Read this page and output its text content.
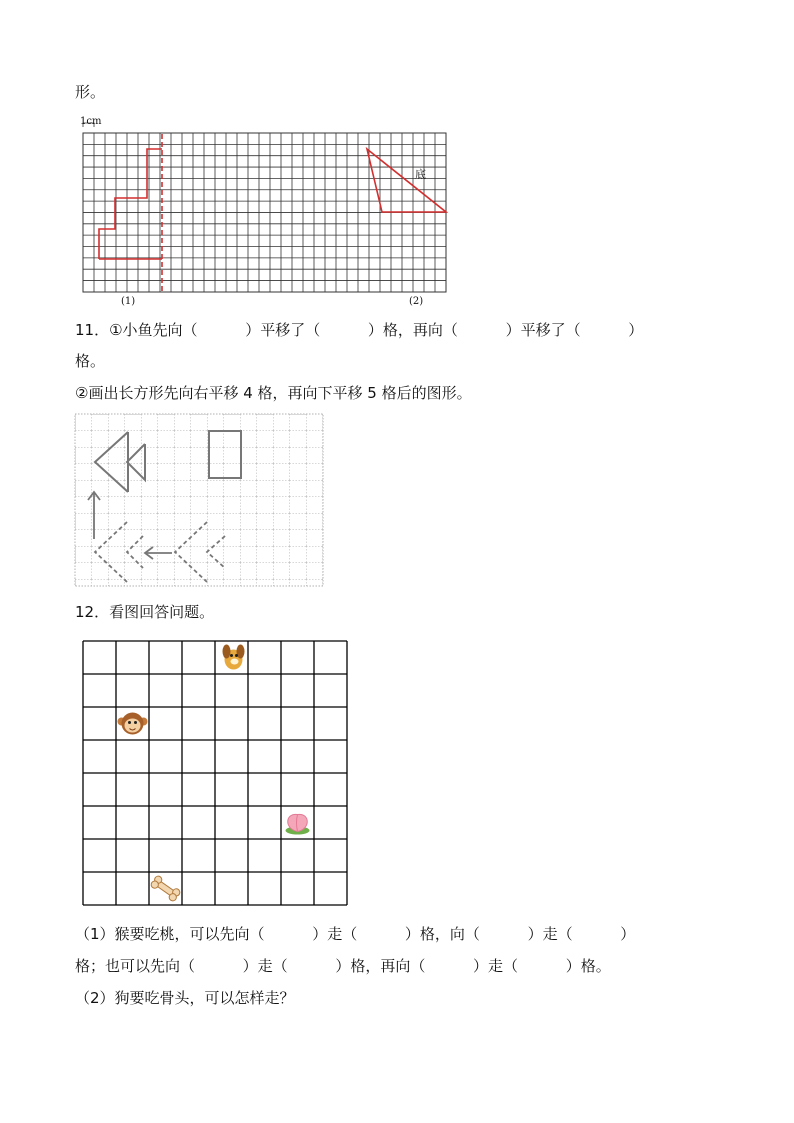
形。
1cm
底
(1)	(2)
11．①小鱼先向（          ）平移了（          ）格，再向（          ）平移了（          ）
格。
②画出长方形先向右平移 4 格，再向下平移 5 格后的图形。
12．看图回答问题。
（1）猴要吃桃，可以先向（          ）走（          ）格，向（          ）走（          ）
格；也可以先向（          ）走（          ）格，再向（          ）走（          ）格。
（2）狗要吃骨头，可以怎样走？
